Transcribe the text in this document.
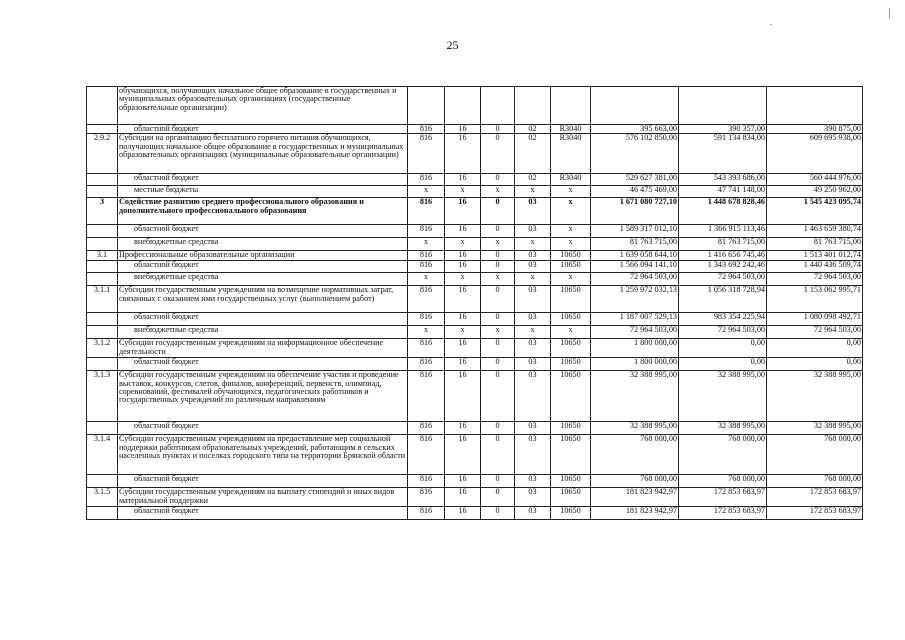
25
	обучающихся, получающих начальное общее образование в государственных и муниципальных образовательных организациях (государственные образовательные организации)								
	областной бюджет	816	16	0	02	R3040	395 663,00	390 357,00	390 875,00
2.9.2	Субсидии на организацию бесплатного горячего питания обучающихся, получающих начальное общее образование в государственных и муниципальных образовательных организациях (муниципальные образовательные организации)	816	16	0	02	R3040	576 102 850,00	591 134 834,00	609 695 938,00
	областной бюджет	816	16	0	02	R3040	529 627 381,00	543 393 686,00	560 444 976,00
	местные бюджеты	х	х	х	х	х	46 475 469,00	47 741 148,00	49 250 962,00
3	Содействие развитию среднего профессионального образования и дополнительного профессионального образования	816	16	0	03	х	1 671 080 727,10	1 448 678 828,46	1 545 423 095,74
	областной бюджет	816	16	0	03	х	1 589 317 012,10	1 366 915 113,46	1 463 659 380,74
	внебюджетные средства	х	х	х	х	х	81 763 715,00	81 763 715,00	81 763 715,00
3.1	Профессиональные образовательные организации	816	16	0	03	10650	1 639 058 644,10	1 416 656 745,46	1 513 401 012,74
	областной бюджет	816	16	0	03	10650	1 566 094 141,10	1 343 692 242,46	1 440 436 509,74
	внебюджетные средства	х	х	х	х	х	72 964 503,00	72 964 503,00	72 964 503,00
3.1.1	Субсидии государственным учреждениям на возмещение нормативных затрат, связанных с оказанием ими государственных услуг (выполнением работ)	816	16	0	03	10650	1 259 972 032,13	1 056 318 728,94	1 153 062 995,71
	областной бюджет	816	16	0	03	10650	1 187 007 529,13	983 354 225,94	1 080 098 492,71
	внебюджетные средства	х	х	х	х	х	72 964 503,00	72 964 503,00	72 964 503,00
3.1.2	Субсидии государственным учреждениям на информационное обеспечение деятельности	816	16	0	03	10650	1 800 000,00	0,00	0,00
	областной бюджет	816	16	0	03	10650	1 800 000,00	0,00	0,00
3.1.3	Субсидии государственным учреждениям на обеспечение участия и проведение выставок, конкурсов, слетов, финалов, конференций, первенств, олимпиад, соревнований, фестивалей обучающихся, педагогических работников и государственных учреждений по различным направлениям	816	16	0	03	10650	32 388 995,00	32 388 995,00	32 388 995,00
	областной бюджет	816	16	0	03	10650	32 388 995,00	32 388 995,00	32 388 995,00
3.1.4	Субсидии государственным учреждениям на предоставление мер социальной поддержки работникам образовательных учреждений, работающим в сельских населенных пунктах и поселках городского типа на территории Брянской области	816	16	0	03	10650	768 000,00	768 000,00	768 000,00
	областной бюджет	816	16	0	03	10650	768 000,00	768 000,00	768 000,00
3.1.5	Субсидии государственным учреждениям на выплату стипендий и иных видов материальной поддержки	816	16	0	03	10650	181 823 942,97	172 853 683,97	172 853 683,97
	областной бюджет	816	16	0	03	10650	181 823 942,97	172 853 683,97	172 853 683,97
